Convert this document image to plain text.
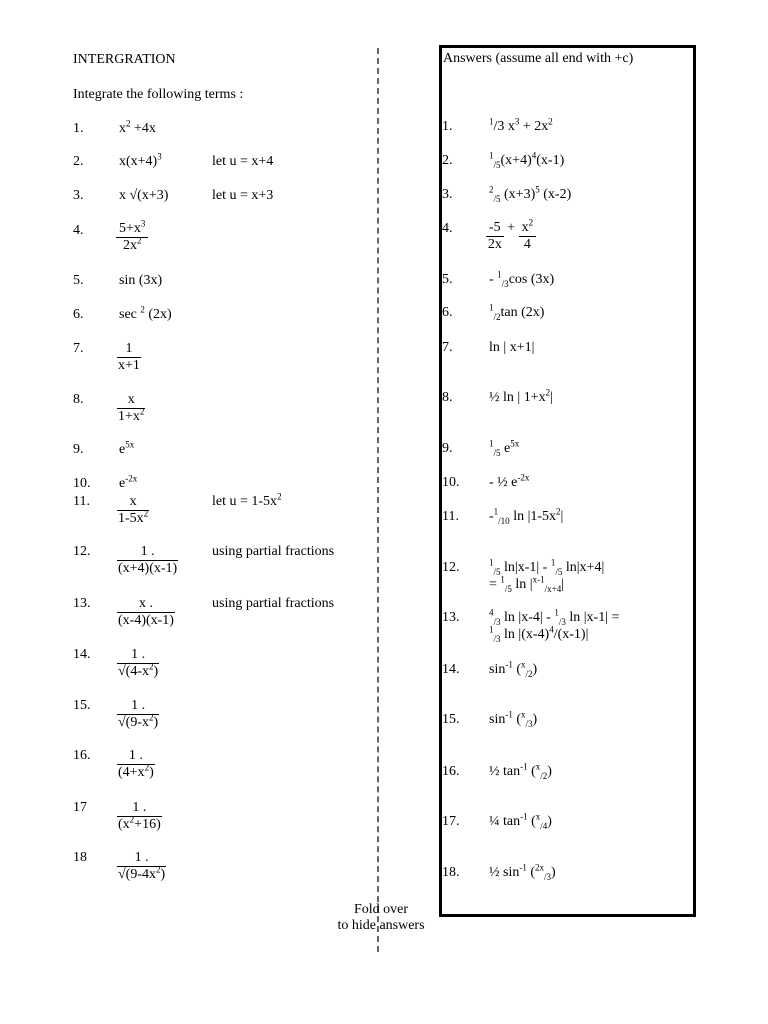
INTERGRATION
Integrate the following terms :
1.	$x^2 +4x$
2.	$x(x+4)^3$	let u = x+4
3.	x √(x+3)	let u = x+3
4.	$\frac{5+x^3}{2x^2}$
5.	sin (3x)
6.	sec $^2$ (2x)
7.	$\frac{1}{x+1}$
8.	$\frac{x}{1+x^2}$
9.	$e^{5x}$
10.	$e^{-2x}$
11.	$\frac{x}{1-5x^2}$	let $u = 1-5x^2$
12.	$\frac{1 .}{(x+4)(x-1)}$ using partial fractions
13.	$\frac{x .}{(x-4)(x-1)}$	using partial fractions
14.	$\frac{1 .}{√(4-x^2)}$
15.	$\frac{1 .}{√(9-x^2)}$
16.	$\frac{1 .}{(4+x^2)}$
17	$\frac{1 .}{(x^2+16)}$
18	$\frac{1 .}{√(9-4x^2)}$
Fold over
to hide answers
Answers (assume all end with +c)
1.	$^1$/3 $x^3 + 2x^2$
2.	$^1_{/5}(x+4)^4(x-1)$
3.	$^2_{/5}$ $(x+3)^5$ (x-2)
4.	$\frac{-5}{2x} + \frac{x^2}{4}$
5.	- $^1_{/3}$cos (3x)
6.	$^1_{/2}$tan (2x)
7.	ln | x+1|
8.	½ ln | $1+x^2|$
9.	$^1_{/5}$ $e^{5x}$
10.	- ½ $e^{-2x}$
11.	-$^1_{/10}$ $\ln |1-5x^2|$
12.	$^1_{/5}$ ln|x-1| - $^1_{/5}$ ln|x+4|
= $^1_{/5}$ $\ln |^{x-1}_{/x+4}|$
13.	$^4_{/3}$ ln |x-4| - $^1_{/3}$ ln |x-1| =
$^1_{/3}$ $\ln |(x-4)^4/(x-1)|$
14.	$\sin^{-1} (^x_{/2})$
15.	$\sin^{-1} (^x_{/3})$
16.	½ $\tan^{-1} (^x_{/2})$
17.	¼ $\tan^{-1} (^x_{/4})$
18.	½ $\sin^{-1} (^{2x}_{/3})$
